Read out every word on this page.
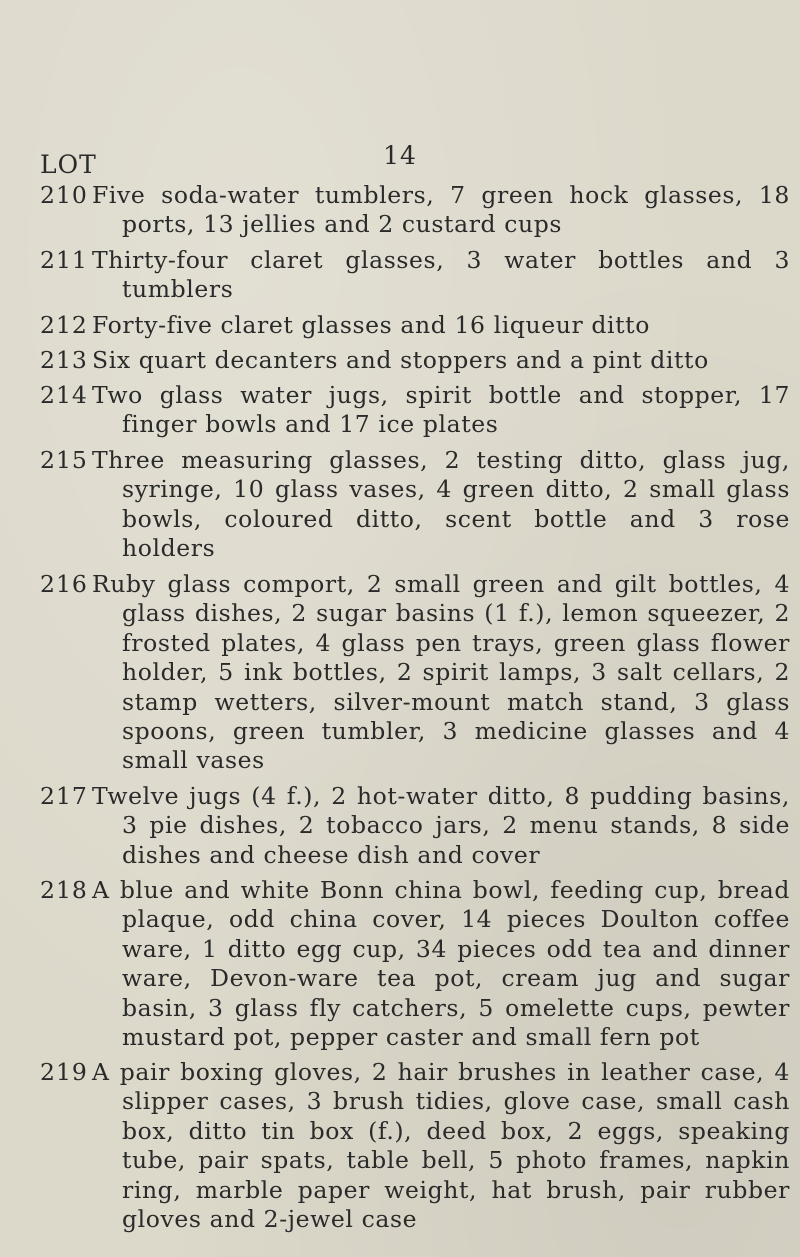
14
LOT
210 Five soda-water tumblers, 7 green hock glasses, 18 ports, 13 jellies and 2 custard cups
211 Thirty-four claret glasses, 3 water bottles and 3 tumblers
212 Forty-five claret glasses and 16 liqueur ditto
213 Six quart decanters and stoppers and a pint ditto
214 Two glass water jugs, spirit bottle and stopper, 17 finger bowls and 17 ice plates
215 Three measuring glasses, 2 testing ditto, glass jug, syringe, 10 glass vases, 4 green ditto, 2 small glass bowls, coloured ditto, scent bottle and 3 rose holders
216 Ruby glass comport, 2 small green and gilt bottles, 4 glass dishes, 2 sugar basins (1 f.), lemon squeezer, 2 frosted plates, 4 glass pen trays, green glass flower holder, 5 ink bottles, 2 spirit lamps, 3 salt cellars, 2 stamp wetters, silver-mount match stand, 3 glass spoons, green tumbler, 3 medicine glasses and 4 small vases
217 Twelve jugs (4 f.), 2 hot-water ditto, 8 pudding basins, 3 pie dishes, 2 tobacco jars, 2 menu stands, 8 side dishes and cheese dish and cover
218 A blue and white Bonn china bowl, feeding cup, bread plaque, odd china cover, 14 pieces Doulton coffee ware, 1 ditto egg cup, 34 pieces odd tea and dinner ware, Devon-ware tea pot, cream jug and sugar basin, 3 glass fly catchers, 5 omelette cups, pewter mustard pot, pepper caster and small fern pot
219 A pair boxing gloves, 2 hair brushes in leather case, 4 slipper cases, 3 brush tidies, glove case, small cash box, ditto tin box (f.), deed box, 2 eggs, speaking tube, pair spats, table bell, 5 photo frames, napkin ring, marble paper weight, hat brush, pair rubber gloves and 2-jewel case
